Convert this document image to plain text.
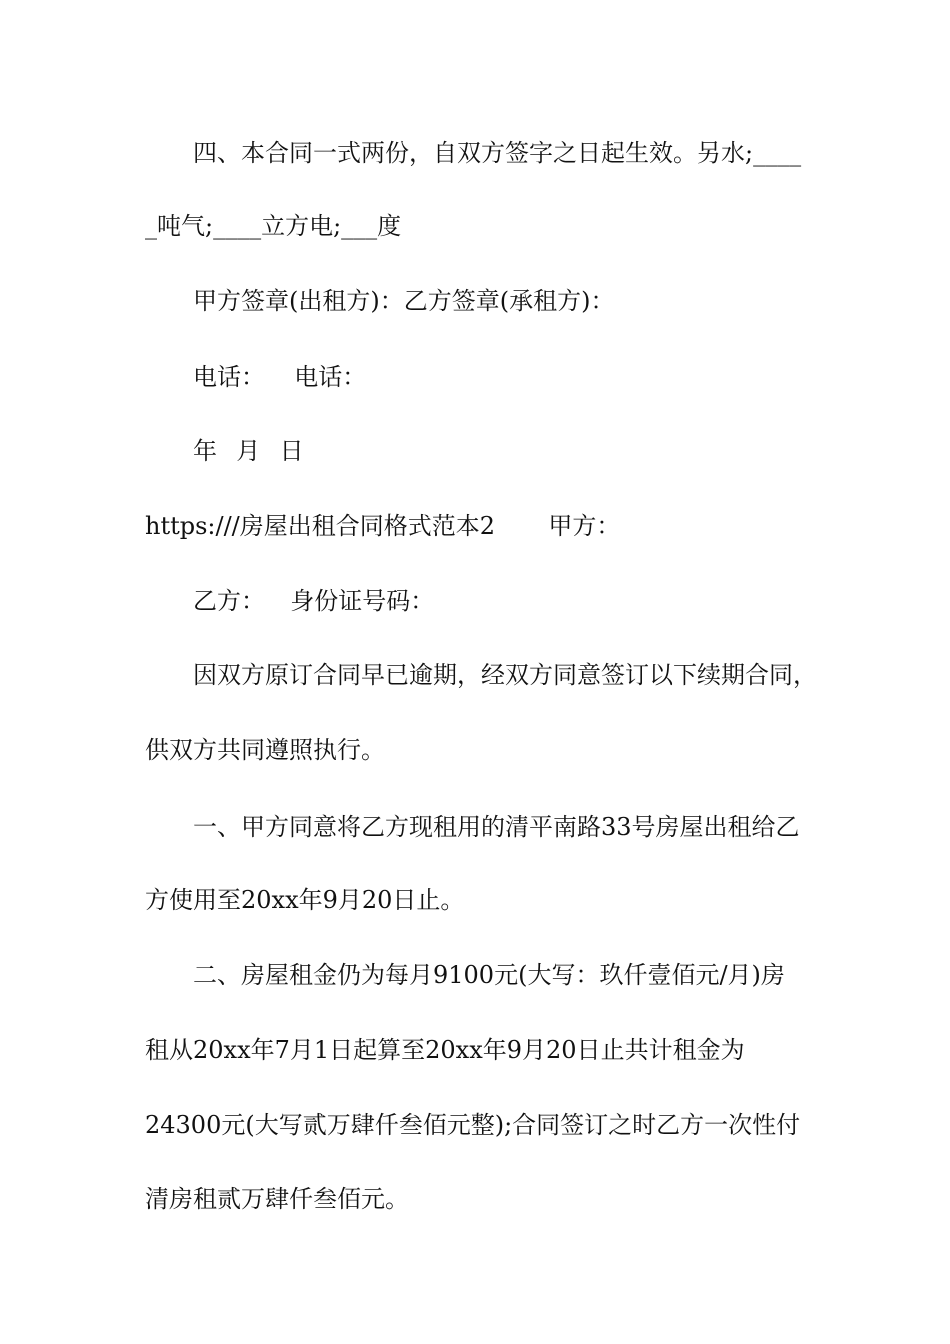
四、本合同一式两份，自双方签字之日起生效。另水;____
_吨气;____立方电;___度
甲方签章(出租方)：乙方签章(承租方)：
电话： 电话：
年 月 日
https:///房屋出租合同格式范本2 甲方：
乙方： 身份证号码：
因双方原订合同早已逾期，经双方同意签订以下续期合同，
供双方共同遵照执行。
一、甲方同意将乙方现租用的清平南路33号房屋出租给乙
方使用至20xx年9月20日止。
二、房屋租金仍为每月9100元(大写：玖仟壹佰元/月)房
租从20xx年7月1日起算至20xx年9月20日止共计租金为
24300元(大写贰万肆仟叁佰元整);合同签订之时乙方一次性付
清房租贰万肆仟叁佰元。
